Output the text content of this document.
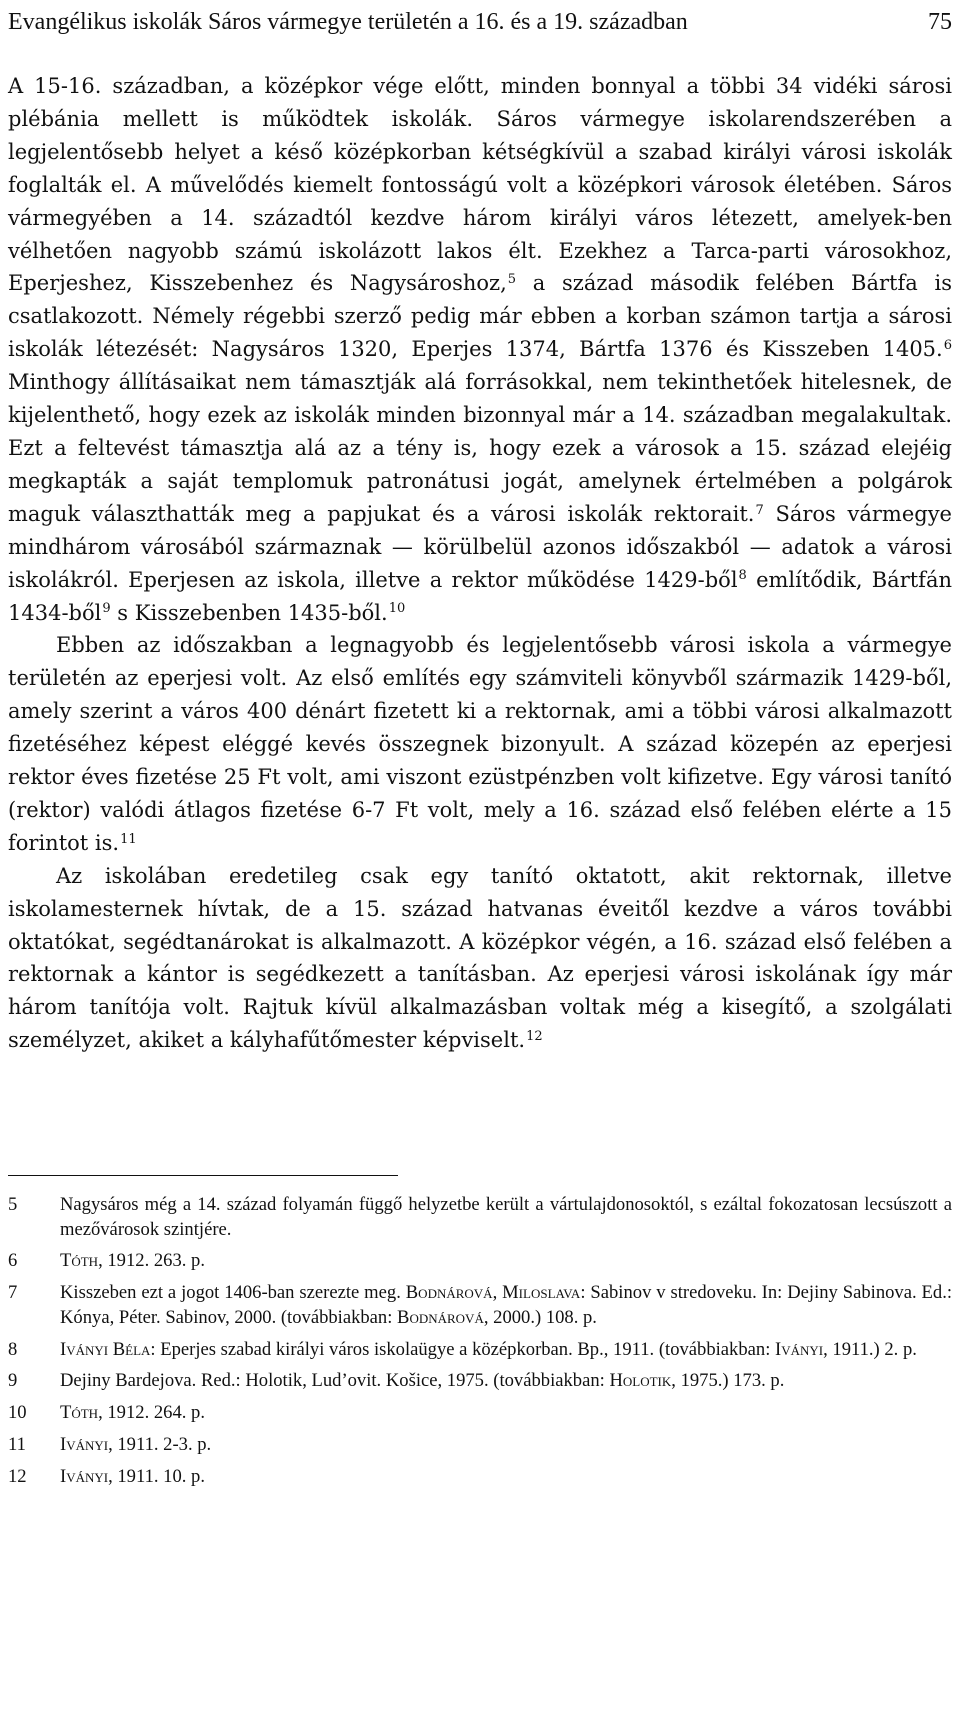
Evangélikus iskolák Sáros vármegye területén a 16. és a 19. században	75

A 15-16. században, a középkor vége előtt, minden bonnyal a többi 34 vidéki sárosi plébánia mellett is működtek iskolák. Sáros vármegye iskolarendszerében a legjelentősebb helyet a késő középkorban kétségkívül a szabad királyi városi iskolák foglalták el. A művelődés kiemelt fontosságú volt a középkori városok életében. Sáros vármegyében a 14. századtól kezdve három királyi város létezett, amelyek-ben vélhetően nagyobb számú iskolázott lakos élt. Ezekhez a Tarca-parti városokhoz, Eperjeshez, Kisszebenhez és Nagysároshoz,$^5$ a század második felében Bártfa is csatlakozott. Némely régebbi szerző pedig már ebben a korban számon tartja a sárosi iskolák létezését: Nagysáros 1320, Eperjes 1374, Bártfa 1376 és Kisszeben 1405.$^6$ Minthogy állításaikat nem támasztják alá forrásokkal, nem tekinthetőek hitelesnek, de kijelenthető, hogy ezek az iskolák minden bizonnyal már a 14. században megalakultak. Ezt a feltevést támasztja alá az a tény is, hogy ezek a városok a 15. század elejéig megkapták a saját templomuk patronátusi jogát, amelynek értelmében a polgárok maguk választhatták meg a papjukat és a városi iskolák rektorait.$^7$ Sáros vármegye mindhárom városából származnak — körülbelül azonos időszakból — adatok a városi iskolákról. Eperjesen az iskola, illetve a rektor működése 1429-ből$^8$ említődik, Bártfán 1434-ből$^9$ s Kisszebenben 1435-ből.$^{10}$

Ebben az időszakban a legnagyobb és legjelentősebb városi iskola a vármegye területén az eperjesi volt. Az első említés egy számviteli könyvből származik 1429-ből, amely szerint a város 400 dénárt fizetett ki a rektornak, ami a többi városi alkalmazott fizetéséhez képest eléggé kevés összegnek bizonyult. A század közepén az eperjesi rektor éves fizetése 25 Ft volt, ami viszont ezüstpénzben volt kifizetve. Egy városi tanító (rektor) valódi átlagos fizetése 6-7 Ft volt, mely a 16. század első felében elérte a 15 forintot is.$^{11}$

Az iskolában eredetileg csak egy tanító oktatott, akit rektornak, illetve iskolamesternek hívtak, de a 15. század hatvanas éveitől kezdve a város további oktatókat, segédtanárokat is alkalmazott. A középkor végén, a 16. század első felében a rektornak a kántor is segédkezett a tanításban. Az eperjesi városi iskolának így már három tanítója volt. Rajtuk kívül alkalmazásban voltak még a kisegítő, a szolgálati személyzet, akiket a kályhafűtőmester képviselt.$^{12}$

5	Nagysáros még a 14. század folyamán függő helyzetbe került a vártulajdonosoktól, s ezáltal fokozatosan lecsúszott a mezővárosok szintjére.
6	Tóth, 1912. 263. p.
7	Kisszeben ezt a jogot 1406-ban szerezte meg. Bodnárová, Miloslava: Sabinov v stredoveku. In: Dejiny Sabinova. Ed.: Kónya, Péter. Sabinov, 2000. (továbbiakban: Bodnárová, 2000.) 108. p.
8	Iványi Béla: Eperjes szabad királyi város iskolaügye a középkorban. Bp., 1911. (továbbiakban: Iványi, 1911.) 2. p.
9	Dejiny Bardejova. Red.: Holotik, Ludʼovit. Košice, 1975. (továbbiakban: Holotik, 1975.) 173. p.
10	Tóth, 1912. 264. p.
11	Iványi, 1911. 2-3. p.
12	Iványi, 1911. 10. p.
